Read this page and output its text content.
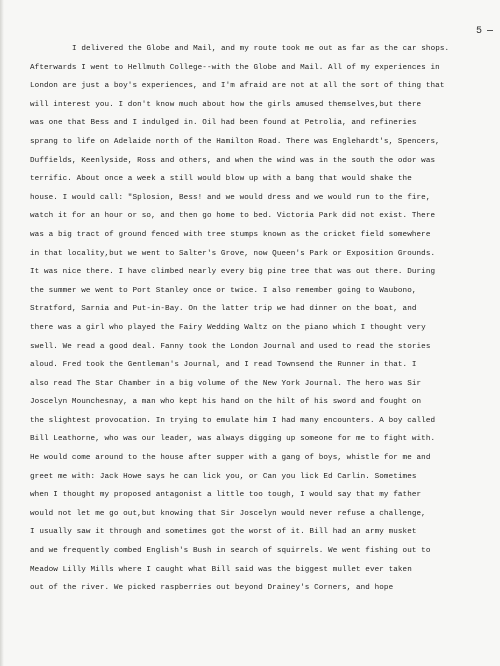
5
I delivered the Globe and Mail, and my route took me out as far as the car shops.
Afterwards I went to Hellmuth College--with the Globe and Mail. All of my experiences in
London are just a boy's experiences, and I'm afraid are not at all the sort of thing that
will interest you. I don't know much about how the girls amused themselves,but there
was one that Bess and I indulged in. Oil had been found at Petrolia, and refineries
sprang to life on Adelaide north of the Hamilton Road. There was Englehardt's, Spencers,
Duffields, Keenlyside, Ross and others, and when the wind was in the south the odor was
terrific. About once a week a still would blow up with a bang that would shake the
house. I would call: "Splosion, Bess! and we would dress and we would run to the fire,
watch it for an hour or so, and then go home to bed. Victoria Park did not exist. There
was a big tract of ground fenced with tree stumps known as the cricket field somewhere
in that locality,but we went to Salter's Grove, now Queen's Park or Exposition Grounds.
It was nice there. I have climbed nearly every big pine tree that was out there. During
the summer we went to Port Stanley once or twice. I also remember going to Waubono,
Stratford, Sarnia and Put-in-Bay. On the latter trip we had dinner on the boat, and
there was a girl who played the Fairy Wedding Waltz on the piano which I thought very
swell. We read a good deal. Fanny took the London Journal and used to read the stories
aloud. Fred took the Gentleman's Journal, and I read Townsend the Runner in that. I
also read The Star Chamber in a big volume of the New York Journal. The hero was Sir
Joscelyn Mounchesnay, a man who kept his hand on the hilt of his sword and fought on
the slightest provocation. In trying to emulate him I had many encounters. A boy called
Bill Leathorne, who was our leader, was always digging up someone for me to fight with.
He would come around to the house after supper with a gang of boys, whistle for me and
greet me with: Jack Howe says he can lick you, or Can you lick Ed Carlin. Sometimes
when I thought my proposed antagonist a little too tough, I would say that my father
would not let me go out,but knowing that Sir Joscelyn would never refuse a challenge,
I usually saw it through and sometimes got the worst of it. Bill had an army musket
and we frequently combed English's Bush in search of squirrels. We went fishing out to
Meadow Lilly Mills where I caught what Bill said was the biggest mullet ever taken
out of the river. We picked raspberries out beyond Drainey's Corners, and hope
